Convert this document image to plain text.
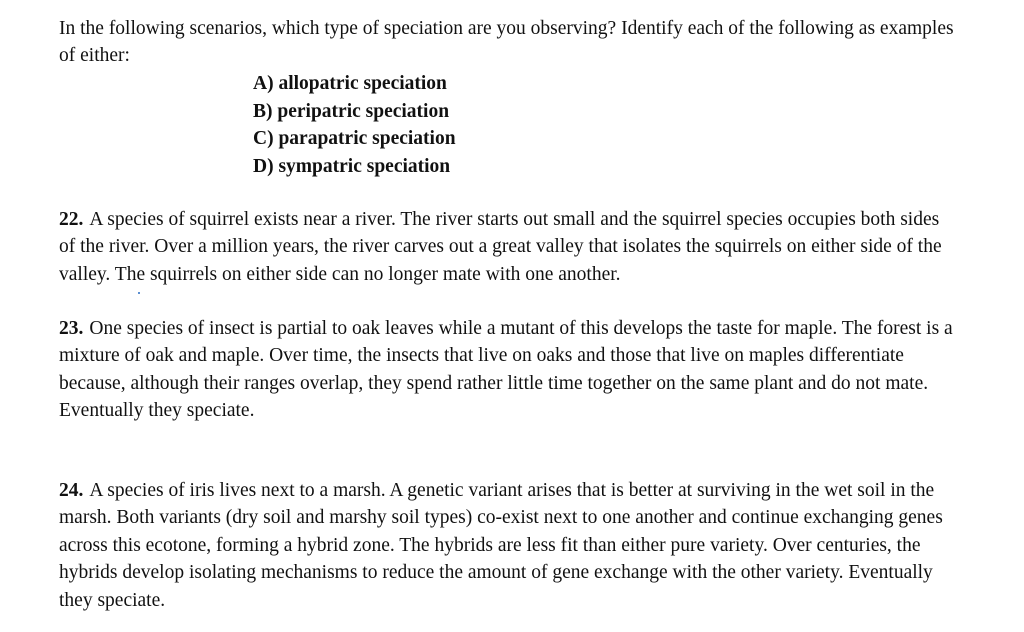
In the following scenarios, which type of speciation are you observing? Identify each of the following as examples of either:

A) allopatric speciation
B) peripatric speciation
C) parapatric speciation
D) sympatric speciation

22. A species of squirrel exists near a river. The river starts out small and the squirrel species occupies both sides of the river. Over a million years, the river carves out a great valley that isolates the squirrels on either side of the valley. The squirrels on either side can no longer mate with one another.

23. One species of insect is partial to oak leaves while a mutant of this develops the taste for maple. The forest is a mixture of oak and maple. Over time, the insects that live on oaks and those that live on maples differentiate because, although their ranges overlap, they spend rather little time together on the same plant and do not mate. Eventually they speciate.

24. A species of iris lives next to a marsh. A genetic variant arises that is better at surviving in the wet soil in the marsh. Both variants (dry soil and marshy soil types) co-exist next to one another and continue exchanging genes across this ecotone, forming a hybrid zone. The hybrids are less fit than either pure variety. Over centuries, the hybrids develop isolating mechanisms to reduce the amount of gene exchange with the other variety. Eventually they speciate.
